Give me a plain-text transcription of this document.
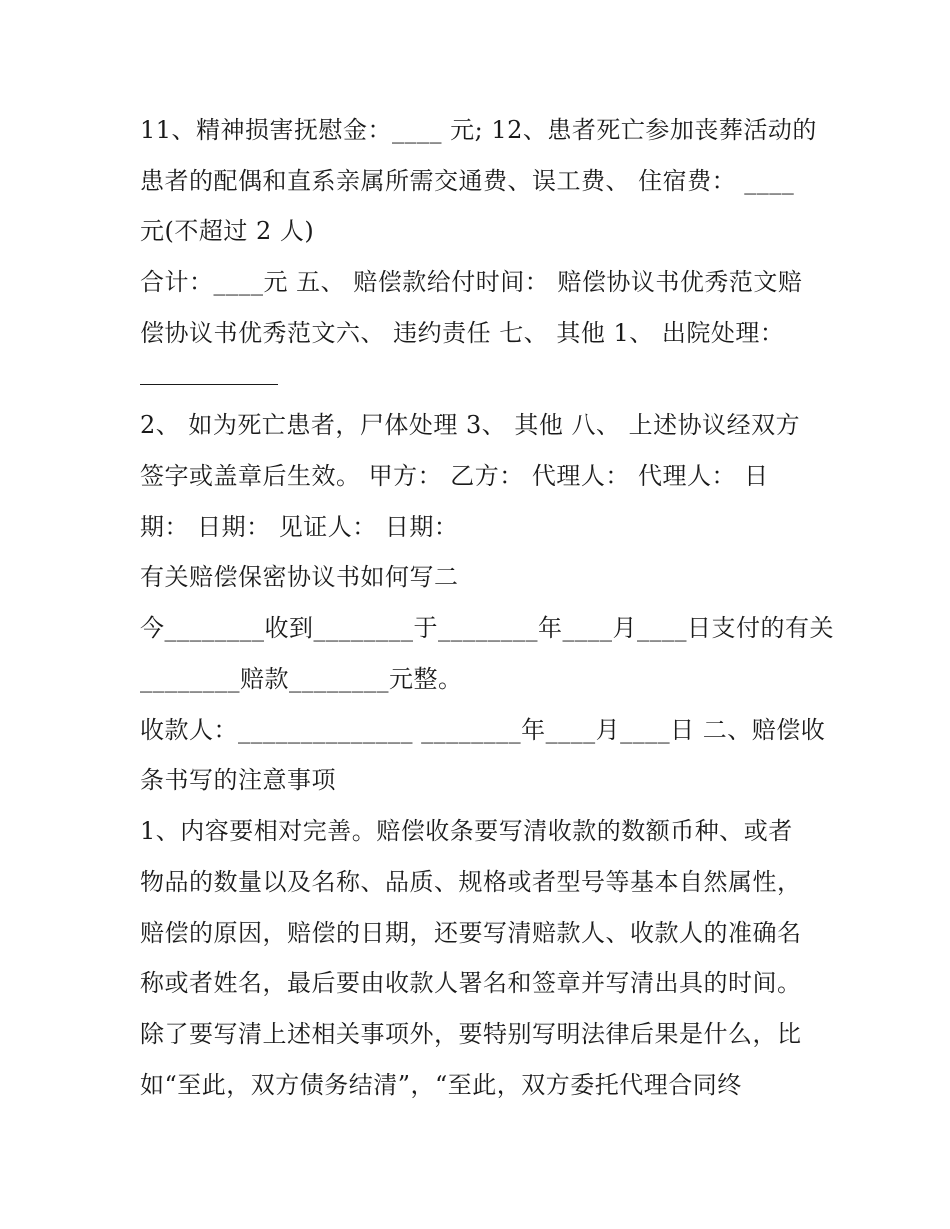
11、精神损害抚慰金：____ 元; 12、患者死亡参加丧葬活动的
患者的配偶和直系亲属所需交通费、误工费、 住宿费： ____
元(不超过 2 人)
合计：____元 五、 赔偿款给付时间： 赔偿协议书优秀范文赔
偿协议书优秀范文六、 违约责任 七、 其他 1、 出院处理：
2、 如为死亡患者，尸体处理 3、 其他 八、 上述协议经双方
签字或盖章后生效。 甲方： 乙方： 代理人： 代理人： 日
期： 日期： 见证人： 日期：
有关赔偿保密协议书如何写二
今________收到________于________年____月____日支付的有关
________赔款________元整。
收款人：______________ ________年____月____日 二、赔偿收
条书写的注意事项
1、内容要相对完善。赔偿收条要写清收款的数额币种、或者
物品的数量以及名称、品质、规格或者型号等基本自然属性，
赔偿的原因，赔偿的日期，还要写清赔款人、收款人的准确名
称或者姓名，最后要由收款人署名和签章并写清出具的时间。
除了要写清上述相关事项外，要特别写明法律后果是什么，比
如“至此，双方债务结清”，“至此，双方委托代理合同终
